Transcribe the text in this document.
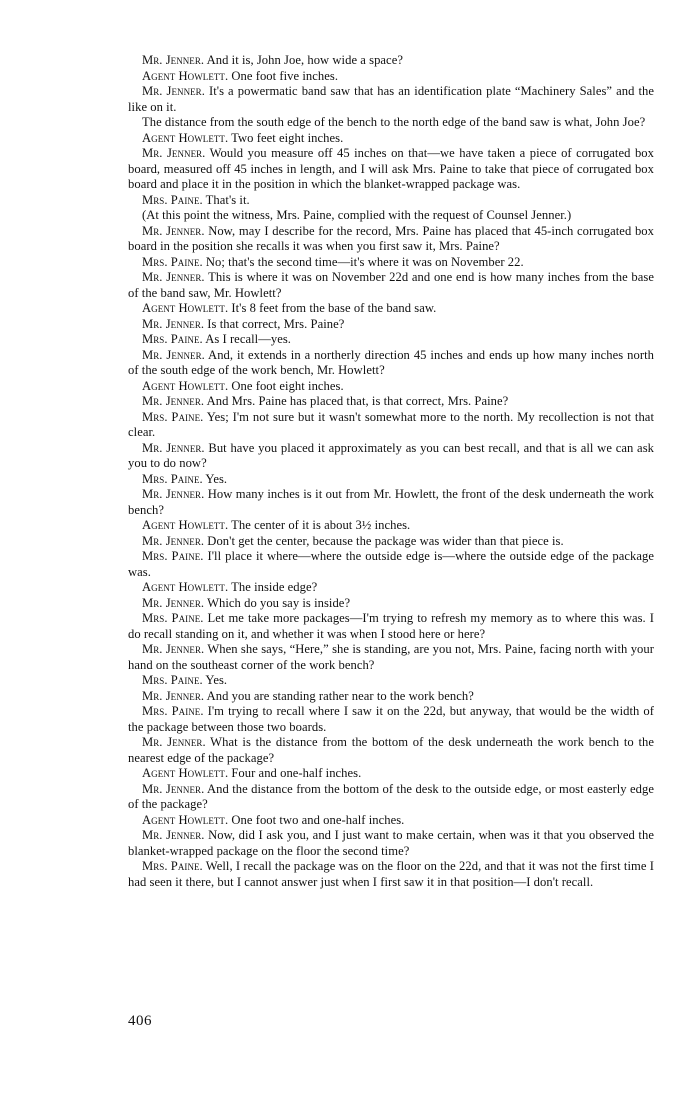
Mr. Jenner. And it is, John Joe, how wide a space?

Agent Howlett. One foot five inches.

Mr. Jenner. It's a powermatic band saw that has an identification plate “Machinery Sales” and the like on it.

The distance from the south edge of the bench to the north edge of the band saw is what, John Joe?

Agent Howlett. Two feet eight inches.

Mr. Jenner. Would you measure off 45 inches on that—we have taken a piece of corrugated box board, measured off 45 inches in length, and I will ask Mrs. Paine to take that piece of corrugated box board and place it in the position in which the blanket-wrapped package was.

Mrs. Paine. That's it.

(At this point the witness, Mrs. Paine, complied with the request of Counsel Jenner.)

Mr. Jenner. Now, may I describe for the record, Mrs. Paine has placed that 45-inch corrugated box board in the position she recalls it was when you first saw it, Mrs. Paine?

Mrs. Paine. No; that's the second time—it's where it was on November 22.

Mr. Jenner. This is where it was on November 22d and one end is how many inches from the base of the band saw, Mr. Howlett?

Agent Howlett. It's 8 feet from the base of the band saw.

Mr. Jenner. Is that correct, Mrs. Paine?

Mrs. Paine. As I recall—yes.

Mr. Jenner. And, it extends in a northerly direction 45 inches and ends up how many inches north of the south edge of the work bench, Mr. Howlett?

Agent Howlett. One foot eight inches.

Mr. Jenner. And Mrs. Paine has placed that, is that correct, Mrs. Paine?

Mrs. Paine. Yes; I'm not sure but it wasn't somewhat more to the north. My recollection is not that clear.

Mr. Jenner. But have you placed it approximately as you can best recall, and that is all we can ask you to do now?

Mrs. Paine. Yes.

Mr. Jenner. How many inches is it out from Mr. Howlett, the front of the desk underneath the work bench?

Agent Howlett. The center of it is about 3½ inches.

Mr. Jenner. Don't get the center, because the package was wider than that piece is.

Mrs. Paine. I'll place it where—where the outside edge is—where the outside edge of the package was.

Agent Howlett. The inside edge?

Mr. Jenner. Which do you say is inside?

Mrs. Paine. Let me take more packages—I'm trying to refresh my memory as to where this was. I do recall standing on it, and whether it was when I stood here or here?

Mr. Jenner. When she says, “Here,” she is standing, are you not, Mrs. Paine, facing north with your hand on the southeast corner of the work bench?

Mrs. Paine. Yes.

Mr. Jenner. And you are standing rather near to the work bench?

Mrs. Paine. I'm trying to recall where I saw it on the 22d, but anyway, that would be the width of the package between those two boards.

Mr. Jenner. What is the distance from the bottom of the desk underneath the work bench to the nearest edge of the package?

Agent Howlett. Four and one-half inches.

Mr. Jenner. And the distance from the bottom of the desk to the outside edge, or most easterly edge of the package?

Agent Howlett. One foot two and one-half inches.

Mr. Jenner. Now, did I ask you, and I just want to make certain, when was it that you observed the blanket-wrapped package on the floor the second time?

Mrs. Paine. Well, I recall the package was on the floor on the 22d, and that it was not the first time I had seen it there, but I cannot answer just when I first saw it in that position—I don't recall.

406
